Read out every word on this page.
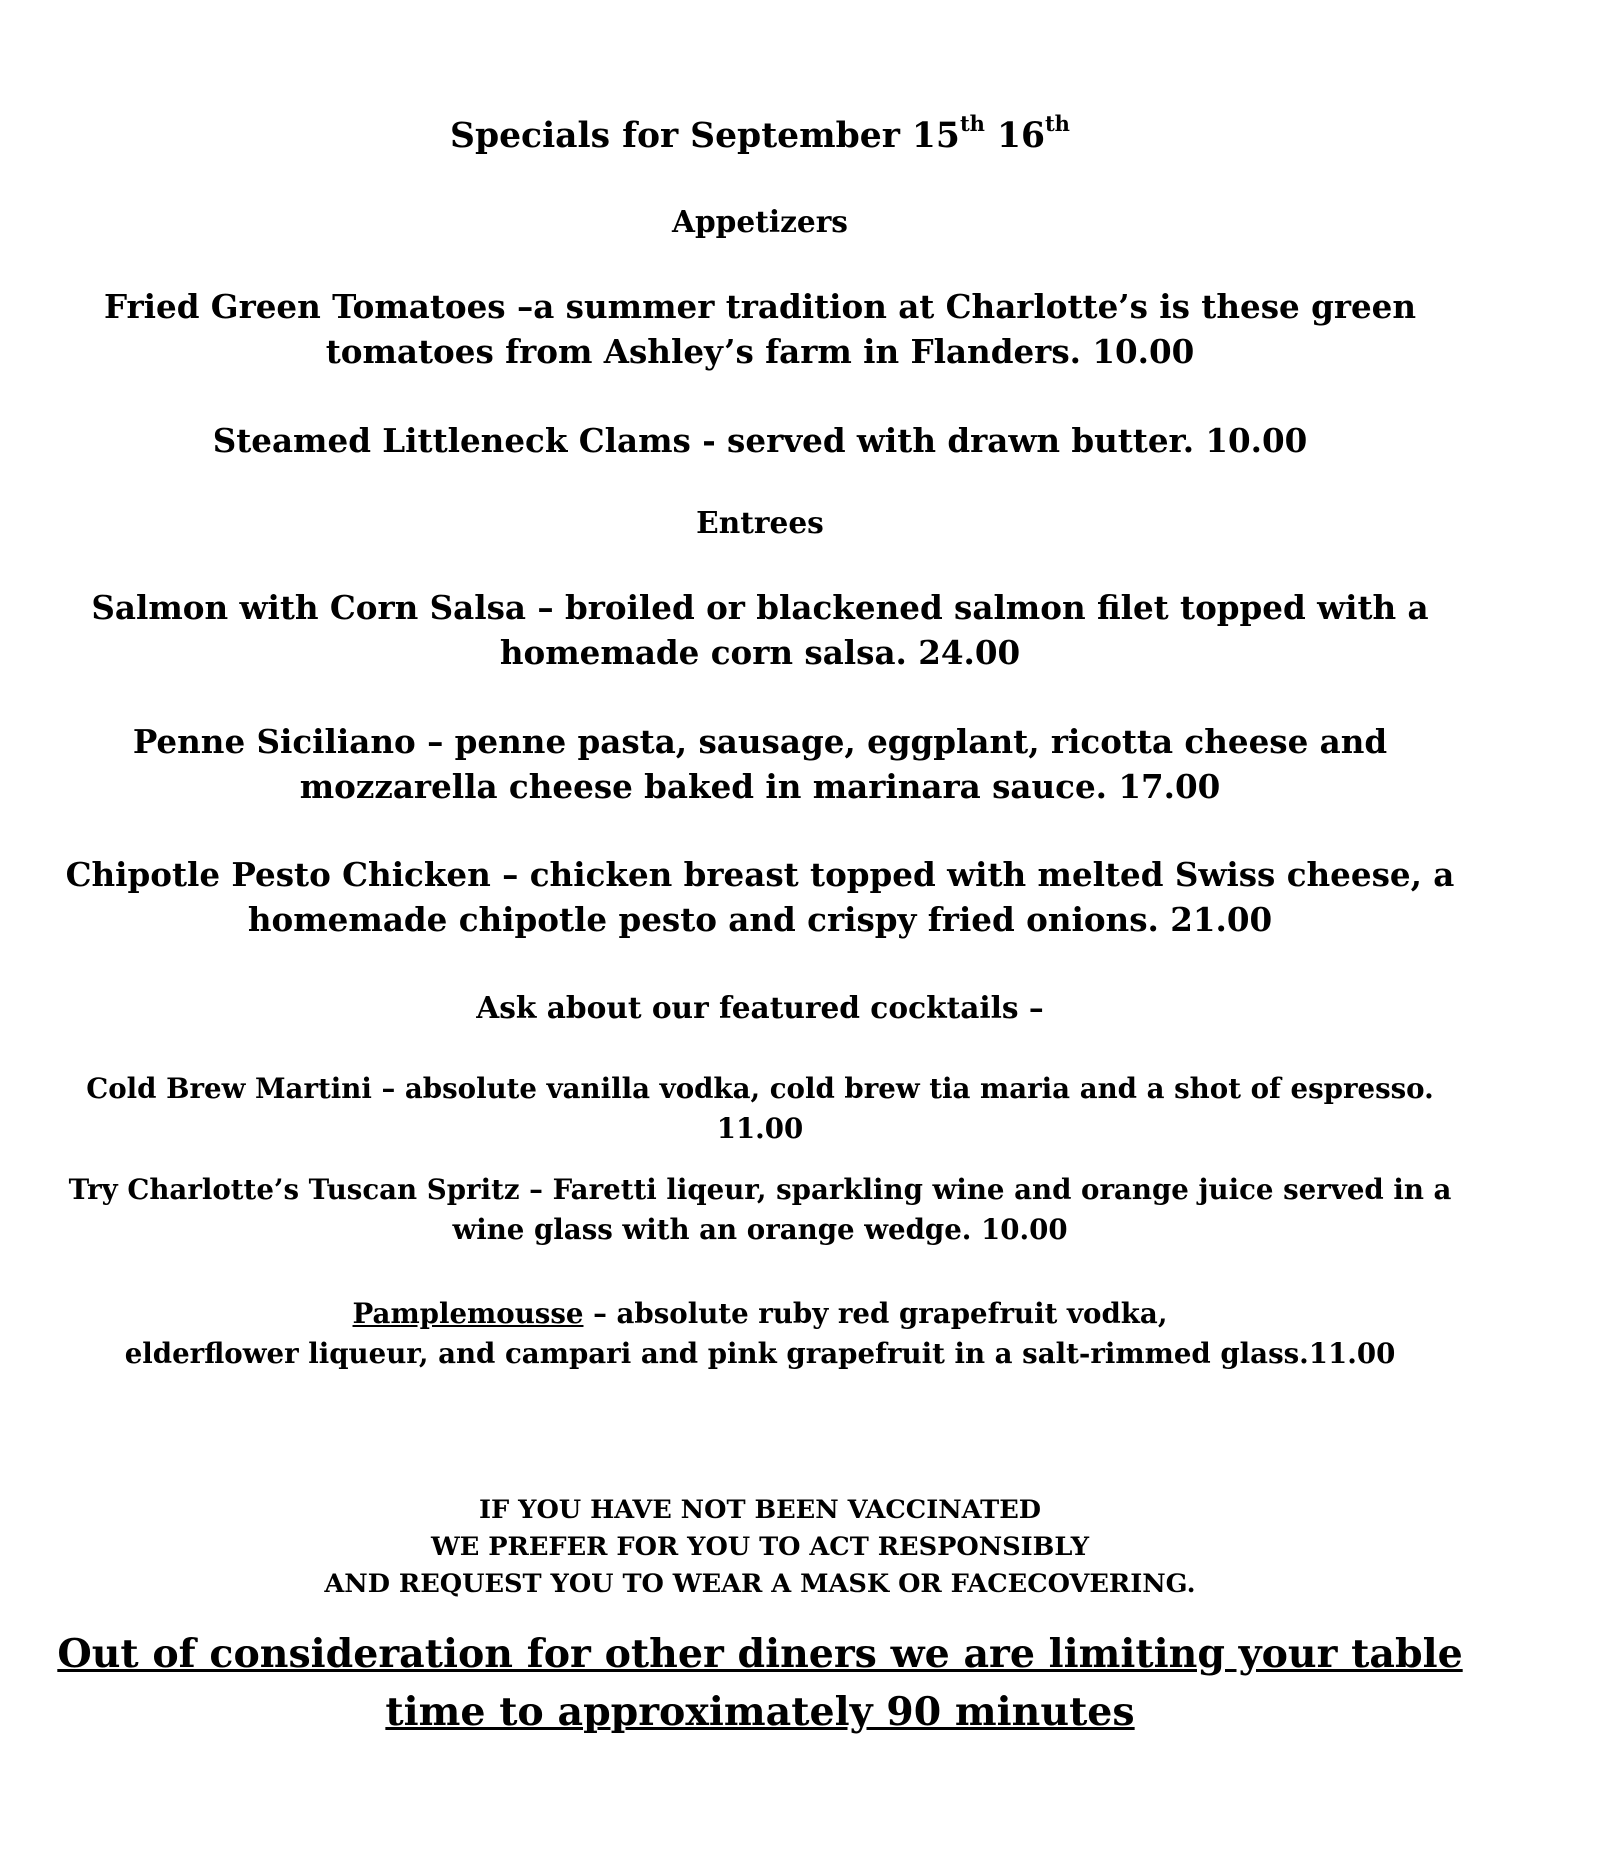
Specials for September 15th 16th
Appetizers
Fried Green Tomatoes –a summer tradition at Charlotte’s is these green
tomatoes from Ashley’s farm in Flanders. 10.00
Steamed Littleneck Clams - served with drawn butter. 10.00
Entrees
Salmon with Corn Salsa – broiled or blackened salmon filet topped with a
homemade corn salsa. 24.00
Penne Siciliano – penne pasta, sausage, eggplant, ricotta cheese and
mozzarella cheese baked in marinara sauce. 17.00
Chipotle Pesto Chicken – chicken breast topped with melted Swiss cheese, a
homemade chipotle pesto and crispy fried onions. 21.00
Ask about our featured cocktails –
Cold Brew Martini – absolute vanilla vodka, cold brew tia maria and a shot of espresso.
11.00
Try Charlotte’s Tuscan Spritz – Faretti liqeur, sparkling wine and orange juice served in a
wine glass with an orange wedge. 10.00
Pamplemousse – absolute ruby red grapefruit vodka,
elderflower liqueur, and campari and pink grapefruit in a salt-rimmed glass.11.00
IF YOU HAVE NOT BEEN VACCINATED
WE PREFER FOR YOU TO ACT RESPONSIBLY
AND REQUEST YOU TO WEAR A MASK OR FACECOVERING.
Out of consideration for other diners we are limiting your table
time to approximately 90 minutes
